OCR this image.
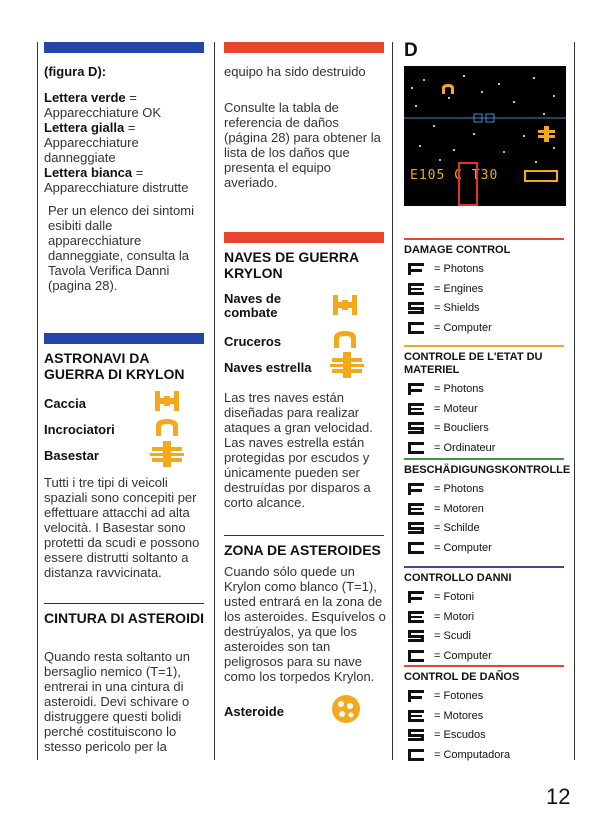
(figura D):

Lettera verde = Apparecchiature OK

Lettera gialla = Apparecchiature danneggiate

Lettera bianca = Apparecchiature distrutte

Per un elenco dei sintomi esibiti dalle apparecchiature danneggiate, consulta la Tavola Verifica Danni (pagina 28).
ASTRONAVI DA GUERRA DI KRYLON
Caccia
Incrociatori
Basestar
Tutti i tre tipi di veicoli spaziali sono concepiti per effettuare attacchi ad alta velocità. I Basestar sono protetti da scudi e possono essere distrutti soltanto a distanza ravvicinata.
CINTURA DI ASTEROIDI
Quando resta soltanto un bersaglio nemico (T=1), entrerai in una cintura di asteroidi. Devi schivare o distruggere questi bolidi perché costituiscono lo stesso pericolo per la
equipo ha sido destruido
Consulte la tabla de referencia de daños (página 28) para obtener la lista de los daños que presenta el equipo averiado.
NAVES DE GUERRA KRYLON
Naves de combate
Cruceros
Naves estrella
Las tres naves están diseñadas para realizar ataques a gran velocidad. Las naves estrella están protegidas por escudos y únicamente pueden ser destruídas por disparos a corto alcance.
ZONA DE ASTEROIDES
Cuando sólo quede un Krylon como blanco (T=1), usted entrará en la zona de los asteroides. Esquívelos o destrúyalos, ya que los asteroides son tan peligrosos para su nave como los torpedos Krylon.
Asteroide
D
E105 C T30
DAMAGE CONTROL
= Photons
= Engines
= Shields
= Computer
CONTROLE DE L'ETAT DU MATERIEL
= Photons
= Moteur
= Boucliers
= Ordinateur
BESCHÄDIGUNGSKONTROLLE
= Photons
= Motoren
= Schilde
= Computer
CONTROLLO DANNI
= Fotoni
= Motori
= Scudi
= Computer
CONTROL DE DAÑOS
= Fotones
= Motores
= Escudos
= Computadora
12
